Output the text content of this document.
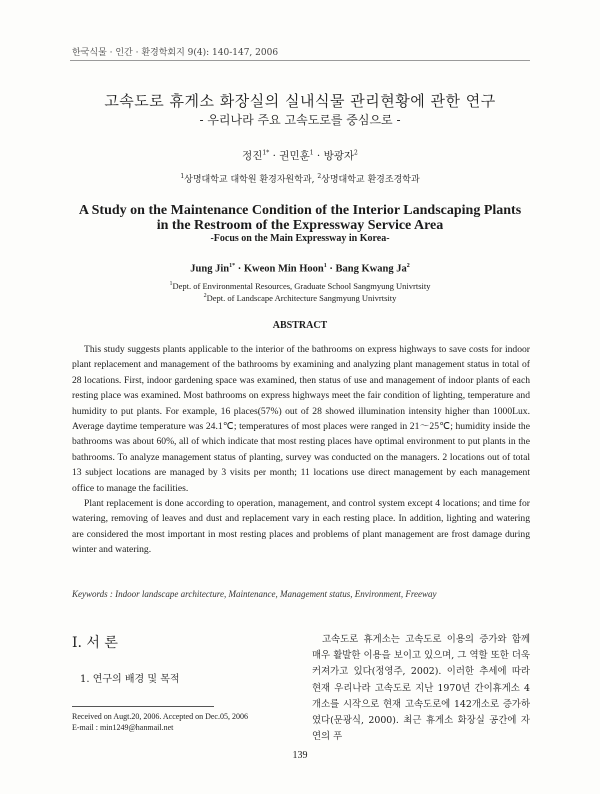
한국식물 · 인간 · 환경학회지 9(4): 140-147, 2006
고속도로 휴게소 화장실의 실내식물 관리현황에 관한 연구
- 우리나라 주요 고속도로를 중심으로 -
정진$^{1*}$ · 권민훈$^1$ · 방광자$^2$
$^1$상명대학교 대학원 환경자원학과, $^2$상명대학교 환경조경학과
A Study on the Maintenance Condition of the Interior Landscaping Plants
in the Restroom of the Expressway Service Area
-Focus on the Main Expressway in Korea-
Jung Jin$^{1*}$ · Kweon Min Hoon$^1$ · Bang Kwang Ja$^2$
$^1$Dept. of Environmental Resources, Graduate School Sangmyung Univrtsity
$^2$Dept. of Landscape Architecture Sangmyung Univrtsity
ABSTRACT

This study suggests plants applicable to the interior of the bathrooms on express highways to save costs for indoor plant replacement and management of the bathrooms by examining and analyzing plant management status in total of 28 locations. First, indoor gardening space was examined, then status of use and management of indoor plants of each resting place was examined. Most bathrooms on express highways meet the fair condition of lighting, temperature and humidity to put plants. For example, 16 places(57%) out of 28 showed illumination intensity higher than 1000Lux. Average daytime temperature was 24.1℃; temperatures of most places were ranged in 21～25℃; humidity inside the bathrooms was about 60%, all of which indicate that most resting places have optimal environment to put plants in the bathrooms. To analyze management status of planting, survey was conducted on the managers. 2 locations out of total 13 subject locations are managed by 3 visits per month; 11 locations use direct management by each management office to manage the facilities.

Plant replacement is done according to operation, management, and control system except 4 locations; and time for watering, removing of leaves and dust and replacement vary in each resting place. In addition, lighting and watering are considered the most important in most resting places and problems of plant management are frost damage during winter and watering.

Keywords : Indoor landscape architecture, Maintenance, Management status, Environment, Freeway
Ⅰ. 서 론
1. 연구의 배경 및 목적
Received on Augt.20, 2006. Accepted on Dec.05, 2006
E-mail : min1249@hanmail.net

고속도로 휴게소는 고속도로 이용의 증가와 함께 매우 활발한 이용을 보이고 있으며, 그 역할 또한 더욱 커져가고 있다(정영주, 2002). 이러한 추세에 따라 현재 우리나라 고속도로 지난 1970년 간이휴게소 4개소를 시작으로 현재 고속도로에 142개소로 증가하였다(문광식, 2000). 최근 휴게소 화장실 공간에 자연의 푸

139
